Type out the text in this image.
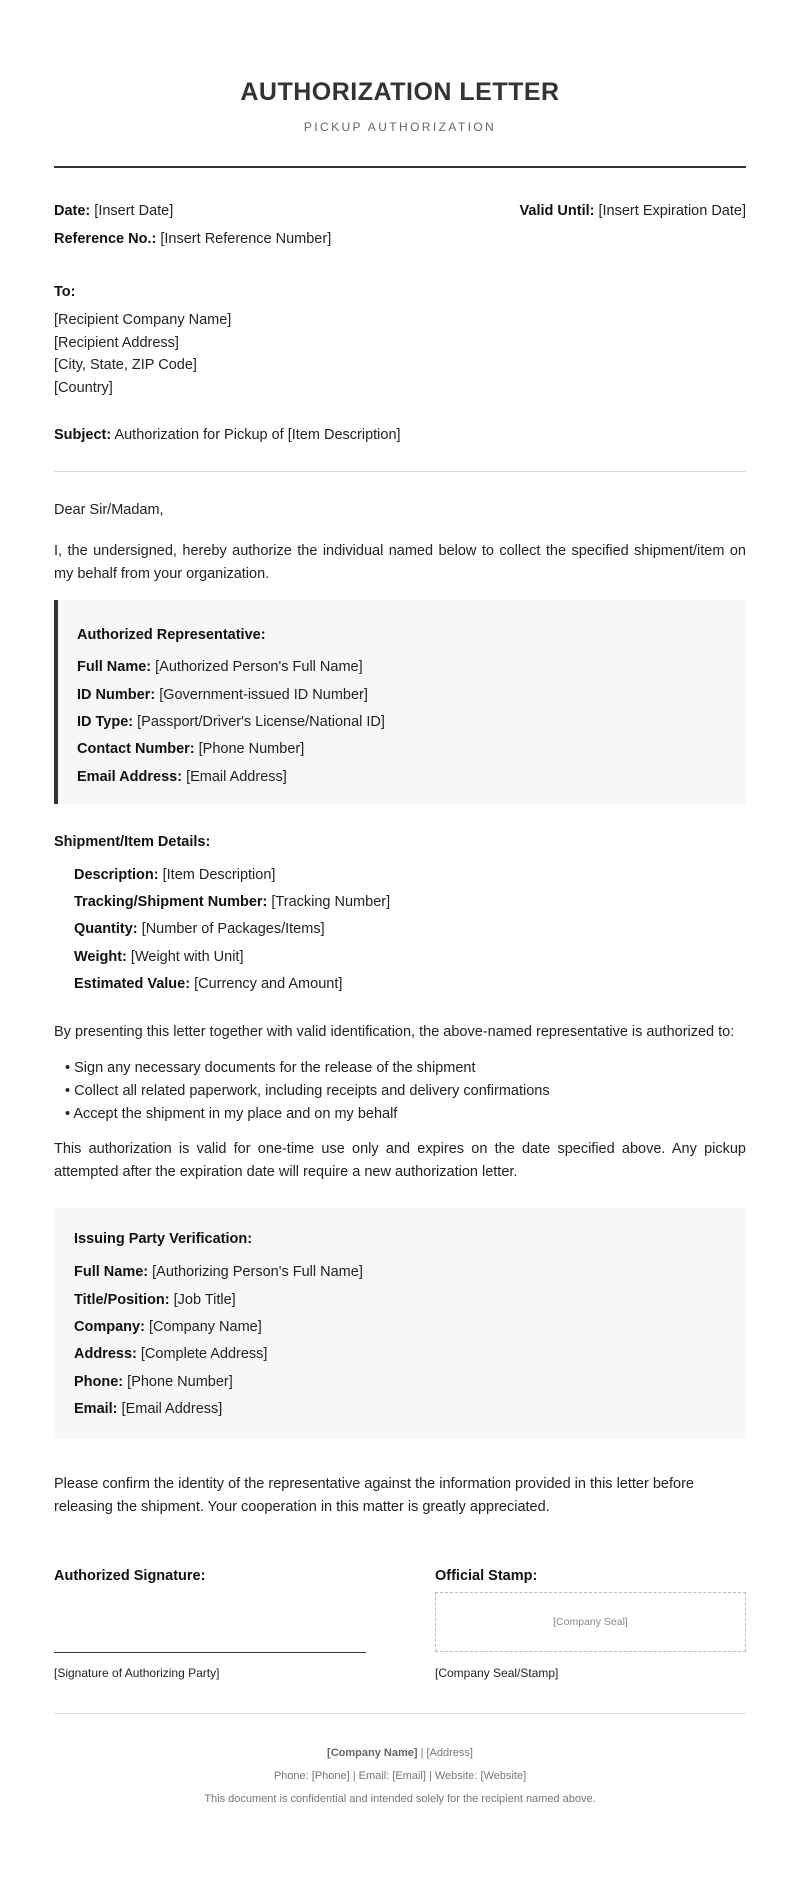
AUTHORIZATION LETTER
PICKUP AUTHORIZATION
Date: [Insert Date]	Valid Until: [Insert Expiration Date]
Reference No.: [Insert Reference Number]
To:
[Recipient Company Name]
[Recipient Address]
[City, State, ZIP Code]
[Country]
Subject: Authorization for Pickup of [Item Description]
Dear Sir/Madam,
I, the undersigned, hereby authorize the individual named below to collect the specified shipment/item on my behalf from your organization.
Authorized Representative:
Full Name: [Authorized Person's Full Name]
ID Number: [Government-issued ID Number]
ID Type: [Passport/Driver's License/National ID]
Contact Number: [Phone Number]
Email Address: [Email Address]
Shipment/Item Details:
Description: [Item Description]
Tracking/Shipment Number: [Tracking Number]
Quantity: [Number of Packages/Items]
Weight: [Weight with Unit]
Estimated Value: [Currency and Amount]
By presenting this letter together with valid identification, the above-named representative is authorized to:
• Sign any necessary documents for the release of the shipment
• Collect all related paperwork, including receipts and delivery confirmations
• Accept the shipment in my place and on my behalf
This authorization is valid for one-time use only and expires on the date specified above. Any pickup attempted after the expiration date will require a new authorization letter.
Issuing Party Verification:
Full Name: [Authorizing Person's Full Name]
Title/Position: [Job Title]
Company: [Company Name]
Address: [Complete Address]
Phone: [Phone Number]
Email: [Email Address]
Please confirm the identity of the representative against the information provided in this letter before releasing the shipment. Your cooperation in this matter is greatly appreciated.
Authorized Signature:
[Signature of Authorizing Party]
Official Stamp:
[Company Seal]
[Company Seal/Stamp]
[Company Name] | [Address]
Phone: [Phone] | Email: [Email] | Website: [Website]
This document is confidential and intended solely for the recipient named above.
